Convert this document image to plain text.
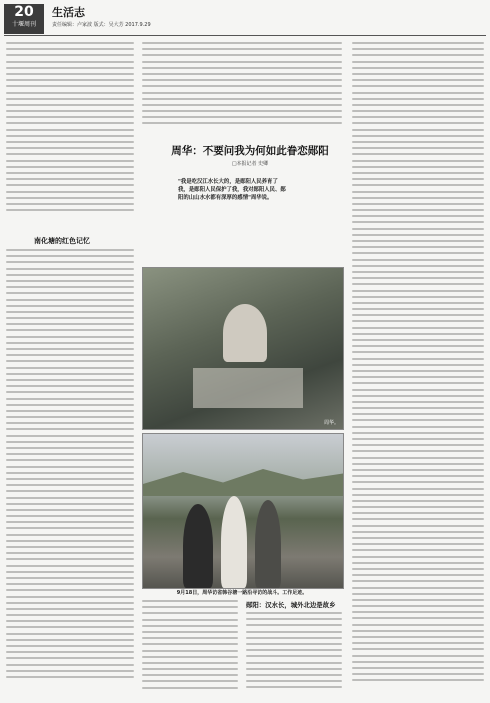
20
十堰周刊
生活志
责任编辑：卢家波 版式：吴大芳 2017.9.29
南化塘的红色记忆
周华：不要问我为何如此眷恋郧阳
□本报记者 史卿
"我是吃汉江水长大的，是郧阳人民养育了我，是郧阳人民保护了我，我对郧阳人民、郧阳的山山水水都有深厚的感情"周华说。
周华。
9月18日，周华访省韩谷塘一路沿寻访的战斗。工作足迹。
郧阳：汉水长，城外北边是故乡
